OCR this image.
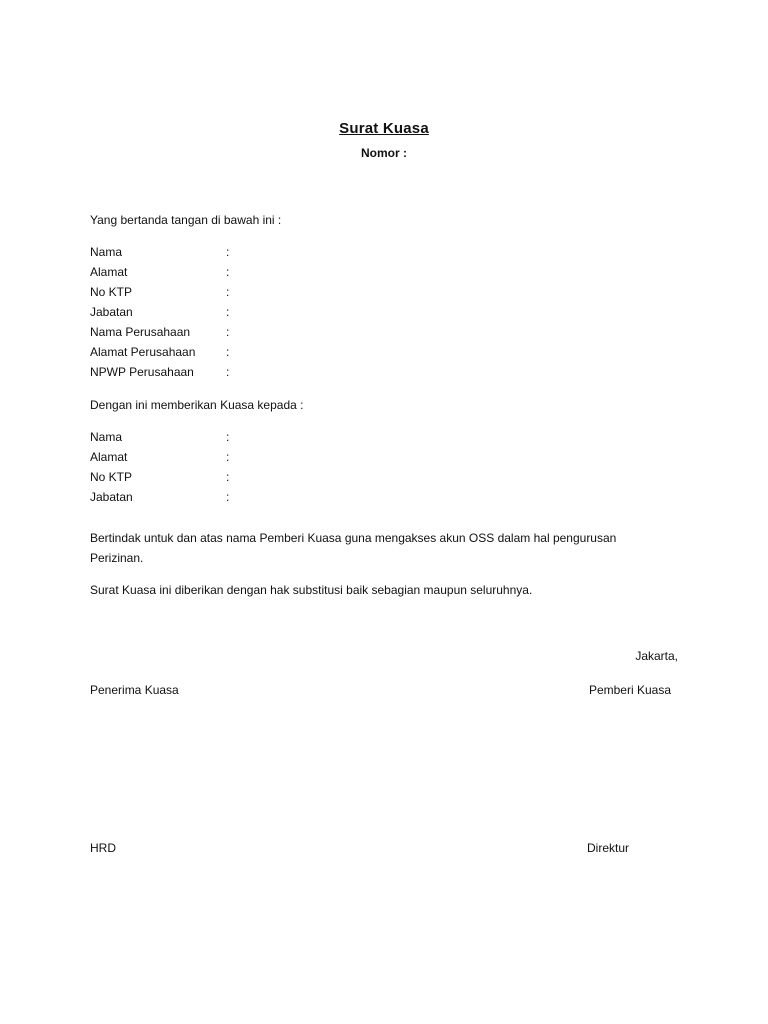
Surat Kuasa
Nomor :
Yang bertanda tangan di bawah ini :
Nama	:
Alamat	:
No KTP	:
Jabatan	:
Nama Perusahaan	:
Alamat Perusahaan	:
NPWP Perusahaan	:
Dengan ini memberikan Kuasa kepada :
Nama	:
Alamat	:
No KTP	:
Jabatan	:
Bertindak untuk dan atas nama Pemberi Kuasa guna mengakses akun OSS dalam hal pengurusan Perizinan.
Surat Kuasa ini diberikan dengan hak substitusi baik sebagian maupun seluruhnya.
Jakarta,
Penerima Kuasa	Pemberi Kuasa
HRD	Direktur
